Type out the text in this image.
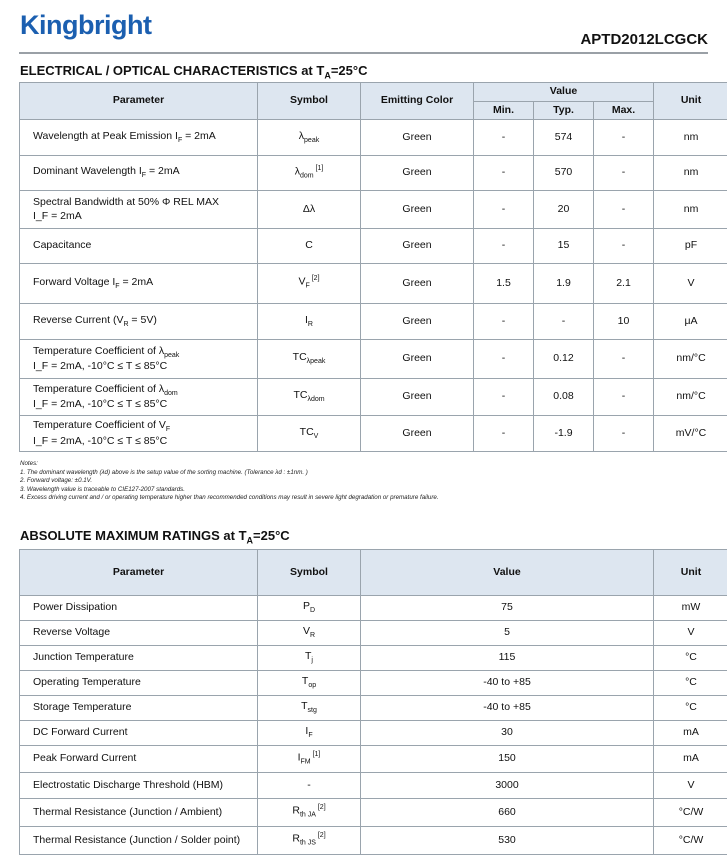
Kingbright	APTD2012LCGCK
ELECTRICAL / OPTICAL CHARACTERISTICS at $T_A=25^\circ C$
Parameter	Symbol	Emitting Color	Value			Unit
			Min.	Typ.	Max.	

Wavelength at Peak Emission $I_F = 2mA$	$\lambda_{peak}$	Green	-	574	-	nm

Dominant Wavelength $I_F = 2mA$	$\lambda_{dom}$ [1]	Green	-	570	-	nm

Spectral Bandwidth at 50% Φ REL MAX
I_F = 2mA	Δλ	Green	-	20	-	nm

Capacitance	C	Green	-	15	-	pF

Forward Voltage $I_F = 2mA$	$V_F$ [2]	Green	1.5	1.9	2.1	V

Reverse Current $(V_R = 5V)$	$I_R$	Green	-	-	10	μA

Temperature Coefficient of $\lambda_{peak}$
I_F = 2mA, -10°C ≤ T ≤ 85°C	$TC_{\lambda peak}$	Green	-	0.12	-	nm/°C

Temperature Coefficient of $\lambda_{dom}$
I_F = 2mA, -10°C ≤ T ≤ 85°C	$TC_{\lambda dom}$	Green	-	0.08	-	nm/°C

Temperature Coefficient of $V_F$
I_F = 2mA, -10°C ≤ T ≤ 85°C	$TC_V$	Green	-	-1.9	-	mV/°C
Notes:
1. The dominant wavelength (λd) above is the setup value of the sorting machine. (Tolerance λd : ±1nm. )
2. Forward voltage: ±0.1V.
3. Wavelength value is traceable to CIE127-2007 standards.
4. Excess driving current and / or operating temperature higher than recommended conditions may result in severe light degradation or premature failure.
ABSOLUTE MAXIMUM RATINGS at $T_A=25^\circ C$
Parameter	Symbol	Value	Unit
Power Dissipation	$P_D$	75	mW
Reverse Voltage	$V_R$	5	V
Junction Temperature	$T_j$	115	°C
Operating Temperature	$T_{op}$	-40 to +85	°C
Storage Temperature	$T_{stg}$	-40 to +85	°C
DC Forward Current	$I_F$	30	mA
Peak Forward Current	$I_{FM}$ [1]	150	mA
Electrostatic Discharge Threshold (HBM)	-	3000	V
Thermal Resistance (Junction / Ambient)	$R_{th JA}$ [2]	660	°C/W
Thermal Resistance (Junction / Solder point)	$R_{th JS}$ [2]	530	°C/W
